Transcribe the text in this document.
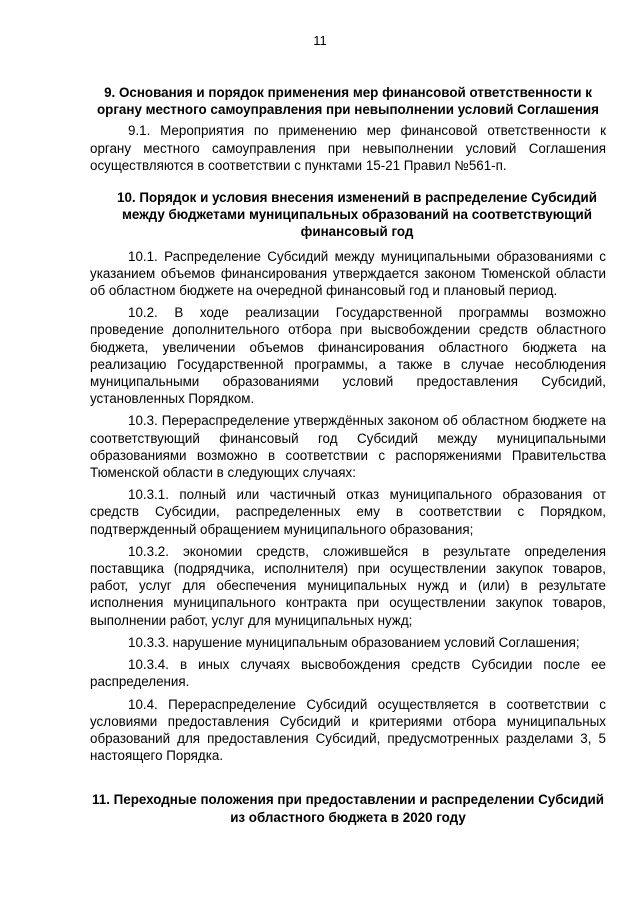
11

9. Основания и порядок применения мер финансовой ответственности к органу местного самоуправления при невыполнении условий Соглашения

9.1. Мероприятия по применению мер финансовой ответственности к органу местного самоуправления при невыполнении условий Соглашения осуществляются в соответствии с пунктами 15-21 Правил №561-п.

10. Порядок и условия внесения изменений в распределение Субсидий между бюджетами муниципальных образований на соответствующий финансовый год

10.1. Распределение Субсидий между муниципальными образованиями с указанием объемов финансирования утверждается законом Тюменской области об областном бюджете на очередной финансовый год и плановый период.

10.2. В ходе реализации Государственной программы возможно проведение дополнительного отбора при высвобождении средств областного бюджета, увеличении объемов финансирования областного бюджета на реализацию Государственной программы, а также в случае несоблюдения муниципальными образованиями условий предоставления Субсидий, установленных Порядком.

10.3. Перераспределение утверждённых законом об областном бюджете на соответствующий финансовый год Субсидий между муниципальными образованиями возможно в соответствии с распоряжениями Правительства Тюменской области в следующих случаях:

10.3.1. полный или частичный отказ муниципального образования от средств Субсидии, распределенных ему в соответствии с Порядком, подтвержденный обращением муниципального образования;

10.3.2. экономии средств, сложившейся в результате определения поставщика (подрядчика, исполнителя) при осуществлении закупок товаров, работ, услуг для обеспечения муниципальных нужд и (или) в результате исполнения муниципального контракта при осуществлении закупок товаров, выполнении работ, услуг для муниципальных нужд;

10.3.3. нарушение муниципальным образованием условий Соглашения;

10.3.4. в иных случаях высвобождения средств Субсидии после ее распределения.

10.4. Перераспределение Субсидий осуществляется в соответствии с условиями предоставления Субсидий и критериями отбора муниципальных образований для предоставления Субсидий, предусмотренных разделами 3, 5 настоящего Порядка.

11. Переходные положения при предоставлении и распределении Субсидий из областного бюджета в 2020 году
